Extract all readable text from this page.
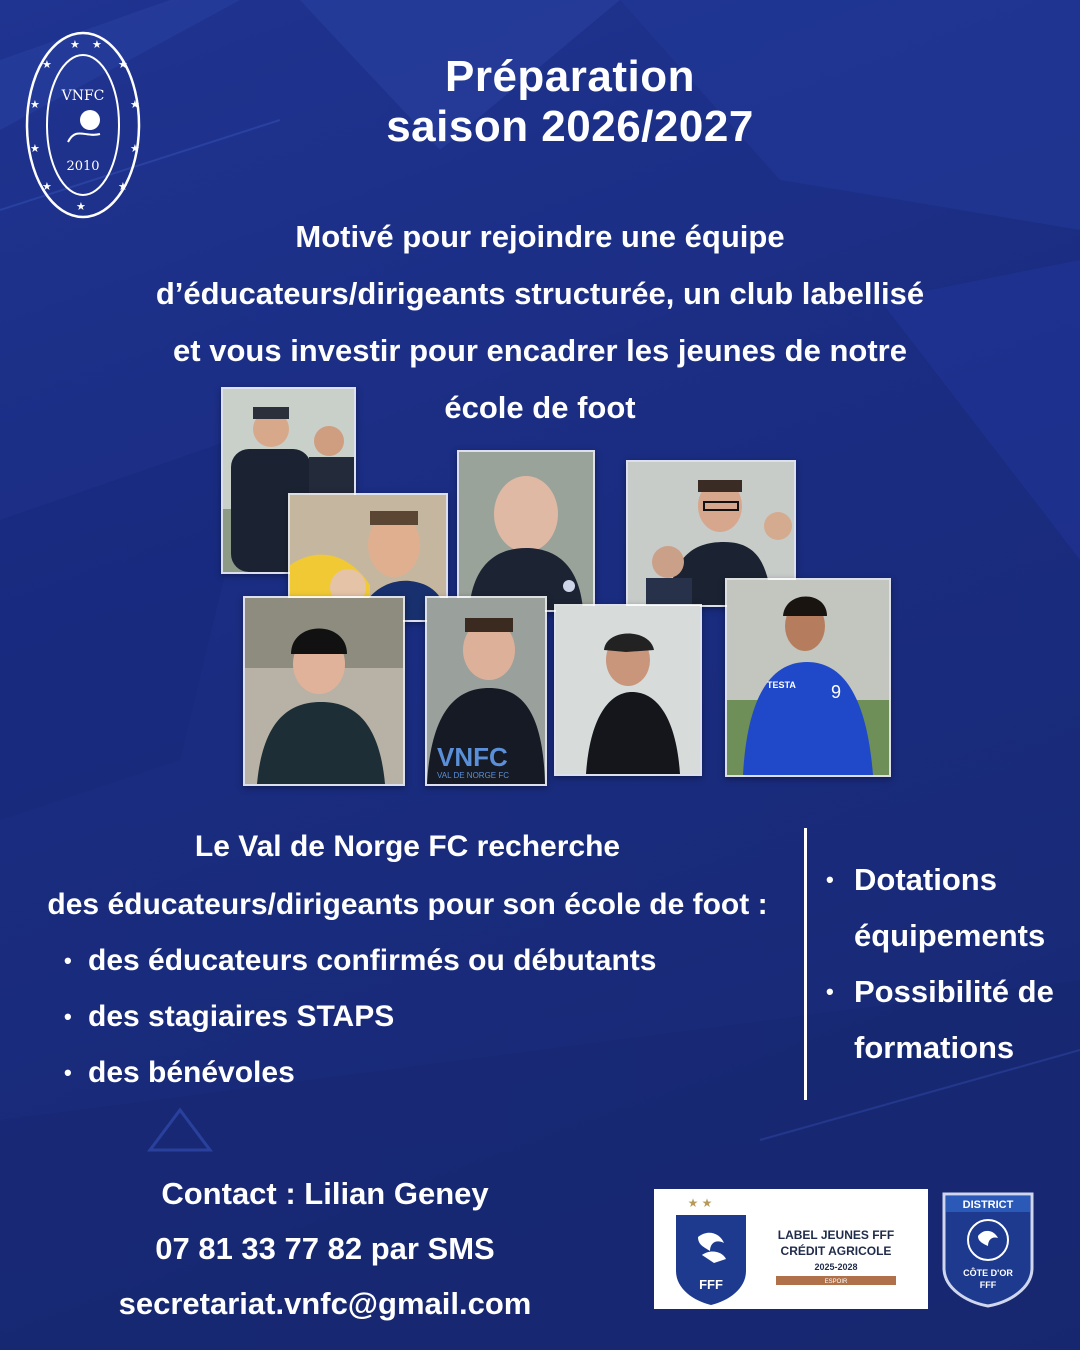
★
★ ★
★
★	★
★	★
★	★
★
VNFC
2010
Préparation
saison 2026/2027
Motivé pour rejoindre une équipe
d’éducateurs/dirigeants structurée, un club labellisé
et vous investir pour encadrer les jeunes de notre
école de foot
VNFC
VAL DE NORGE FC
9
TESTA
Le Val de Norge FC recherche
des éducateurs/dirigeants pour son école de foot :
• des éducateurs confirmés ou débutants
• des stagiaires STAPS
• des bénévoles
• Dotations
équipements
• Possibilité de
formations
Contact : Lilian Geney
07 81 33 77 82 par SMS
secretariat.vnfc@gmail.com
★ ★
FFF
LABEL JEUNES FFF
CRÉDIT AGRICOLE
2025-2028
ESPOIR
DISTRICT
CÔTE D'OR
FFF
